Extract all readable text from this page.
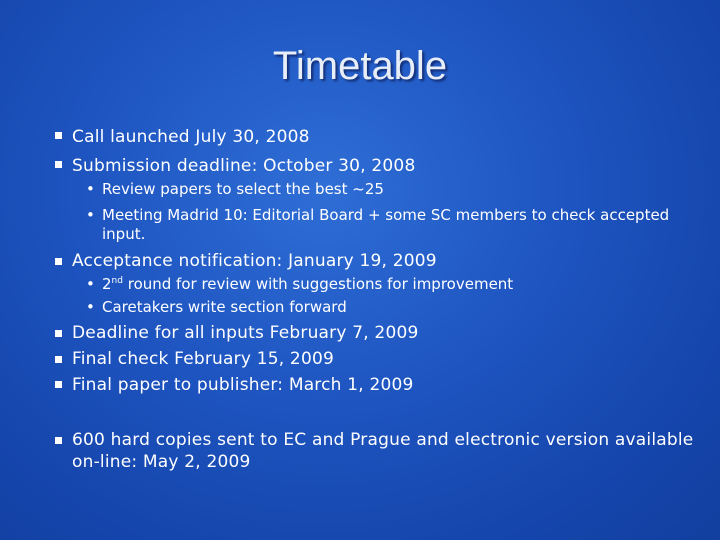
Timetable
Call launched July 30, 2008
Submission deadline: October 30, 2008
• Review papers to select the best ~25
• Meeting Madrid 10: Editorial Board + some SC members to check accepted input.
Acceptance notification: January 19, 2009
• 2nd round for review with suggestions for improvement
• Caretakers write section forward
Deadline for all inputs February 7, 2009
Final check February 15, 2009
Final paper to publisher: March 1, 2009
600 hard copies sent to EC and Prague and electronic version available on-line: May 2, 2009
